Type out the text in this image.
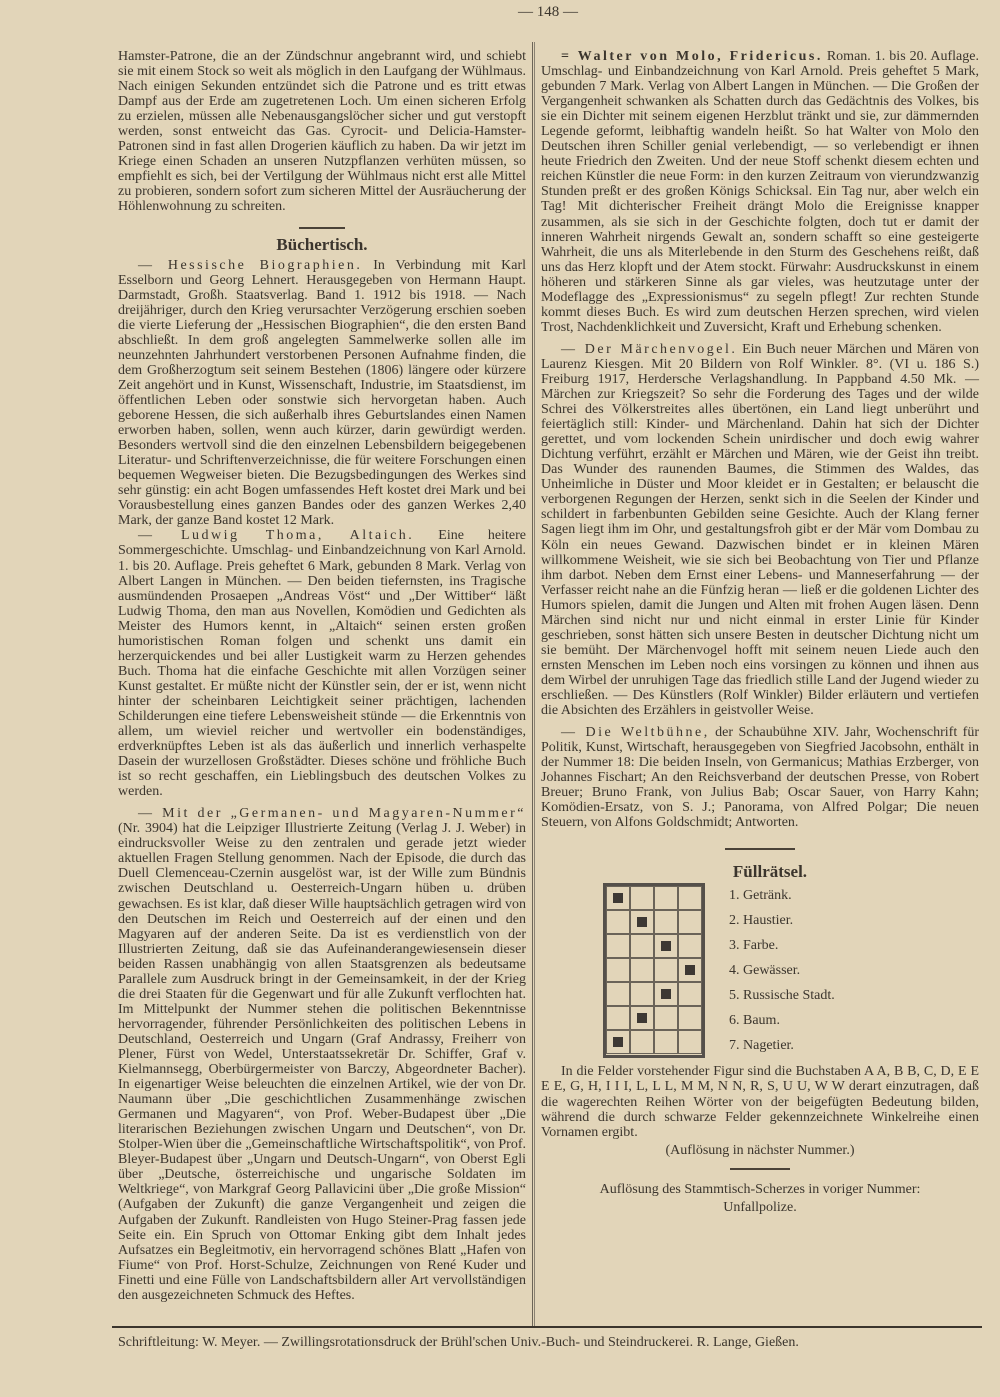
— 148 —

Hamster-Patrone, die an der Zündschnur angebrannt wird, und schiebt sie mit einem Stock so weit als möglich in den Laufgang der Wühlmaus. Nach einigen Sekunden entzündet sich die Patrone und es tritt etwas Dampf aus der Erde am zugetretenen Loch. Um einen sicheren Erfolg zu erzielen, müssen alle Nebenausgangslöcher sicher und gut verstopft werden, sonst entweicht das Gas. Cyrocit- und Delicia-Hamster-Patronen sind in fast allen Drogerien käuflich zu haben. Da wir jetzt im Kriege einen Schaden an unseren Nutzpflanzen verhüten müssen, so empfiehlt es sich, bei der Vertilgung der Wühlmaus nicht erst alle Mittel zu probieren, sondern sofort zum sicheren Mittel der Ausräucherung der Höhlenwohnung zu schreiten.

Büchertisch.

— Hessische Biographien. In Verbindung mit Karl Esselborn und Georg Lehnert. Herausgegeben von Hermann Haupt. Darmstadt, Großh. Staatsverlag. Band 1. 1912 bis 1918. — Nach dreijähriger, durch den Krieg verursachter Verzögerung erschien soeben die vierte Lieferung der „Hessischen Biographien“, die den ersten Band abschließt. In dem groß angelegten Sammelwerke sollen alle im neunzehnten Jahrhundert verstorbenen Personen Aufnahme finden, die dem Großherzogtum seit seinem Bestehen (1806) längere oder kürzere Zeit angehört und in Kunst, Wissenschaft, Industrie, im Staatsdienst, im öffentlichen Leben oder sonstwie sich hervorgetan haben. Auch geborene Hessen, die sich außerhalb ihres Geburtslandes einen Namen erworben haben, sollen, wenn auch kürzer, darin gewürdigt werden. Besonders wertvoll sind die den einzelnen Lebensbildern beigegebenen Literatur- und Schriftenverzeichnisse, die für weitere Forschungen einen bequemen Wegweiser bieten. Die Bezugsbedingungen des Werkes sind sehr günstig: ein acht Bogen umfassendes Heft kostet drei Mark und bei Vorausbestellung eines ganzen Bandes oder des ganzen Werkes 2,40 Mark, der ganze Band kostet 12 Mark.

— Ludwig Thoma, Altaich. Eine heitere Sommergeschichte. Umschlag- und Einbandzeichnung von Karl Arnold. 1. bis 20. Auflage. Preis geheftet 6 Mark, gebunden 8 Mark. Verlag von Albert Langen in München. — Den beiden tiefernsten, ins Tragische ausmündenden Prosaepen „Andreas Vöst“ und „Der Wittiber“ läßt Ludwig Thoma, den man aus Novellen, Komödien und Gedichten als Meister des Humors kennt, in „Altaich“ seinen ersten großen humoristischen Roman folgen und schenkt uns damit ein herzerquickendes und bei aller Lustigkeit warm zu Herzen gehendes Buch. Thoma hat die einfache Geschichte mit allen Vorzügen seiner Kunst gestaltet. Er müßte nicht der Künstler sein, der er ist, wenn nicht hinter der scheinbaren Leichtigkeit seiner prächtigen, lachenden Schilderungen eine tiefere Lebensweisheit stünde — die Erkenntnis von allem, um wieviel reicher und wertvoller ein bodenständiges, erdverknüpftes Leben ist als das äußerlich und innerlich verhaspelte Dasein der wurzellosen Großstädter. Dieses schöne und fröhliche Buch ist so recht geschaffen, ein Lieblingsbuch des deutschen Volkes zu werden.

— Mit der „Germanen- und Magyaren-Nummer“ (Nr. 3904) hat die Leipziger Illustrierte Zeitung (Verlag J. J. Weber) in eindrucksvoller Weise zu den zentralen und gerade jetzt wieder aktuellen Fragen Stellung genommen. Nach der Episode, die durch das Duell Clemenceau-Czernin ausgelöst war, ist der Wille zum Bündnis zwischen Deutschland u. Oesterreich-Ungarn hüben u. drüben gewachsen. Es ist klar, daß dieser Wille hauptsächlich getragen wird von den Deutschen im Reich und Oesterreich auf der einen und den Magyaren auf der anderen Seite. Da ist es verdienstlich von der Illustrierten Zeitung, daß sie das Aufeinanderangewiesensein dieser beiden Rassen unabhängig von allen Staatsgrenzen als bedeutsame Parallele zum Ausdruck bringt in der Gemeinsamkeit, in der der Krieg die drei Staaten für die Gegenwart und für alle Zukunft verflochten hat. Im Mittelpunkt der Nummer stehen die politischen Bekenntnisse hervorragender, führender Persönlichkeiten des politischen Lebens in Deutschland, Oesterreich und Ungarn (Graf Andrassy, Freiherr von Plener, Fürst von Wedel, Unterstaatssekretär Dr. Schiffer, Graf v. Kielmannsegg, Oberbürgermeister von Barczy, Abgeordneter Bacher). In eigenartiger Weise beleuchten die einzelnen Artikel, wie der von Dr. Naumann über „Die geschichtlichen Zusammenhänge zwischen Germanen und Magyaren“, von Prof. Weber-Budapest über „Die literarischen Beziehungen zwischen Ungarn und Deutschen“, von Dr. Stolper-Wien über die „Gemeinschaftliche Wirtschaftspolitik“, von Prof. Bleyer-Budapest über „Ungarn und Deutsch-Ungarn“, von Oberst Egli über „Deutsche, österreichische und ungarische Soldaten im Weltkriege“, von Markgraf Georg Pallavicini über „Die große Mission“ (Aufgaben der Zukunft) die ganze Vergangenheit und zeigen die Aufgaben der Zukunft. Randleisten von Hugo Steiner-Prag fassen jede Seite ein. Ein Spruch von Ottomar Enking gibt dem Inhalt jedes Aufsatzes ein Begleitmotiv, ein hervorragend schönes Blatt „Hafen von Fiume“ von Prof. Horst-Schulze, Zeichnungen von René Kuder und Finetti und eine Fülle von Landschaftsbildern aller Art vervollständigen den ausgezeichneten Schmuck des Heftes.

= Walter von Molo, Fridericus. Roman. 1. bis 20. Auflage. Umschlag- und Einbandzeichnung von Karl Arnold. Preis geheftet 5 Mark, gebunden 7 Mark. Verlag von Albert Langen in München. — Die Großen der Vergangenheit schwanken als Schatten durch das Gedächtnis des Volkes, bis sie ein Dichter mit seinem eigenen Herzblut tränkt und sie, zur dämmernden Legende geformt, leibhaftig wandeln heißt. So hat Walter von Molo den Deutschen ihren Schiller genial verlebendigt, — so verlebendigt er ihnen heute Friedrich den Zweiten. Und der neue Stoff schenkt diesem echten und reichen Künstler die neue Form: in den kurzen Zeitraum von vierundzwanzig Stunden preßt er des großen Königs Schicksal. Ein Tag nur, aber welch ein Tag! Mit dichterischer Freiheit drängt Molo die Ereignisse knapper zusammen, als sie sich in der Geschichte folgten, doch tut er damit der inneren Wahrheit nirgends Gewalt an, sondern schafft so eine gesteigerte Wahrheit, die uns als Miterlebende in den Sturm des Geschehens reißt, daß uns das Herz klopft und der Atem stockt. Fürwahr: Ausdruckskunst in einem höheren und stärkeren Sinne als gar vieles, was heutzutage unter der Modeflagge des „Expressionismus“ zu segeln pflegt! Zur rechten Stunde kommt dieses Buch. Es wird zum deutschen Herzen sprechen, wird vielen Trost, Nachdenklichkeit und Zuversicht, Kraft und Erhebung schenken.

— Der Märchenvogel. Ein Buch neuer Märchen und Mären von Laurenz Kiesgen. Mit 20 Bildern von Rolf Winkler. 8°. (VI u. 186 S.) Freiburg 1917, Herdersche Verlagshandlung. In Pappband 4.50 Mk. — Märchen zur Kriegszeit? So sehr die Forderung des Tages und der wilde Schrei des Völkerstreites alles übertönen, ein Land liegt unberührt und feiertäglich still: Kinder- und Märchenland. Dahin hat sich der Dichter gerettet, und vom lockenden Schein unirdischer und doch ewig wahrer Dichtung verführt, erzählt er Märchen und Mären, wie der Geist ihn treibt. Das Wunder des raunenden Baumes, die Stimmen des Waldes, das Unheimliche in Düster und Moor kleidet er in Gestalten; er belauscht die verborgenen Regungen der Herzen, senkt sich in die Seelen der Kinder und schildert in farbenbunten Gebilden seine Gesichte. Auch der Klang ferner Sagen liegt ihm im Ohr, und gestaltungsfroh gibt er der Mär vom Dombau zu Köln ein neues Gewand. Dazwischen bindet er in kleinen Mären willkommene Weisheit, wie sie sich bei Beobachtung von Tier und Pflanze ihm darbot. Neben dem Ernst einer Lebens- und Manneserfahrung — der Verfasser reicht nahe an die Fünfzig heran — ließ er die goldenen Lichter des Humors spielen, damit die Jungen und Alten mit frohen Augen läsen. Denn Märchen sind nicht nur und nicht einmal in erster Linie für Kinder geschrieben, sonst hätten sich unsere Besten in deutscher Dichtung nicht um sie bemüht. Der Märchenvogel hofft mit seinem neuen Liede auch den ernsten Menschen im Leben noch eins vorsingen zu können und ihnen aus dem Wirbel der unruhigen Tage das friedlich stille Land der Jugend wieder zu erschließen. — Des Künstlers (Rolf Winkler) Bilder erläutern und vertiefen die Absichten des Erzählers in geistvoller Weise.

— Die Weltbühne, der Schaubühne XIV. Jahr, Wochenschrift für Politik, Kunst, Wirtschaft, herausgegeben von Siegfried Jacobsohn, enthält in der Nummer 18: Die beiden Inseln, von Germanicus; Mathias Erzberger, von Johannes Fischart; An den Reichsverband der deutschen Presse, von Robert Breuer; Bruno Frank, von Julius Bab; Oscar Sauer, von Harry Kahn; Komödien-Ersatz, von S. J.; Panorama, von Alfred Polgar; Die neuen Steuern, von Alfons Goldschmidt; Antworten.

Füllrätsel.
1. Getränk.
2. Haustier.
3. Farbe.
4. Gewässer.
5. Russische Stadt.
6. Baum.
7. Nagetier.

In die Felder vorstehender Figur sind die Buchstaben A A, B B, C, D, E E E E, G, H, I I I, L, L L, M M, N N, R, S, U U, W W derart einzutragen, daß die wagerechten Reihen Wörter von der beigefügten Bedeutung bilden, während die durch schwarze Felder gekennzeichnete Winkelreihe einen Vornamen ergibt.

(Auflösung in nächster Nummer.)

Auflösung des Stammtisch-Scherzes in voriger Nummer:

Unfallpolize.

Schriftleitung: W. Meyer. — Zwillingsrotationsdruck der Brühl'schen Univ.-Buch- und Steindruckerei. R. Lange, Gießen.
